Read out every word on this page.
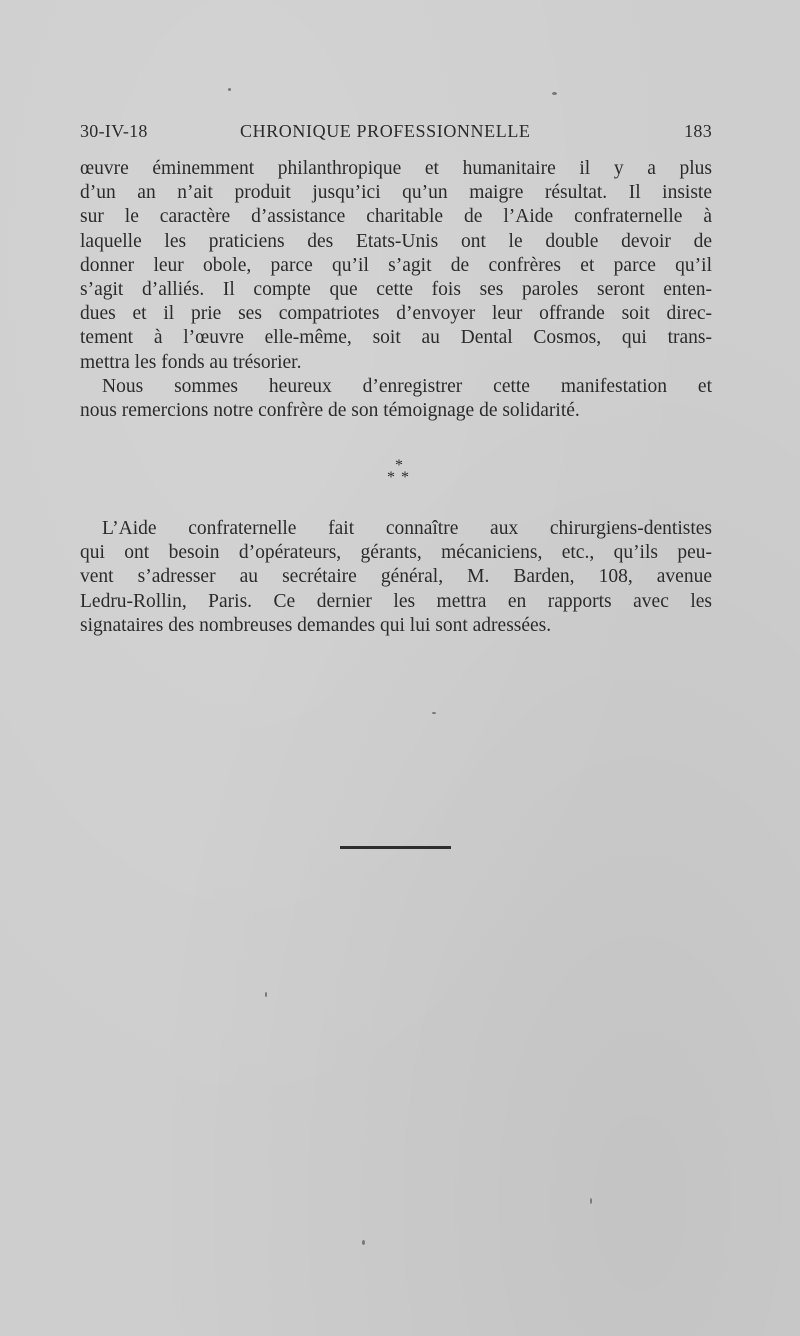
30-IV-18	CHRONIQUE PROFESSIONNELLE	183
œuvre éminemment philanthropique et humanitaire il y a plus
d’un an n’ait produit jusqu’ici qu’un maigre résultat. Il insiste
sur le caractère d’assistance charitable de l’Aide confraternelle à
laquelle les praticiens des Etats-Unis ont le double devoir de
donner leur obole, parce qu’il s’agit de confrères et parce qu’il
s’agit d’alliés. Il compte que cette fois ses paroles seront enten-
dues et il prie ses compatriotes d’envoyer leur offrande soit direc-
tement à l’œuvre elle-même, soit au Dental Cosmos, qui trans-
mettra les fonds au trésorier.
Nous sommes heureux d’enregistrer cette manifestation et
nous remercions notre confrère de son témoignage de solidarité.
*
**
L’Aide confraternelle fait connaître aux chirurgiens-dentistes
qui ont besoin d’opérateurs, gérants, mécaniciens, etc., qu’ils peu-
vent s’adresser au secrétaire général, M. Barden, 108, avenue
Ledru-Rollin, Paris. Ce dernier les mettra en rapports avec les
signataires des nombreuses demandes qui lui sont adressées.
